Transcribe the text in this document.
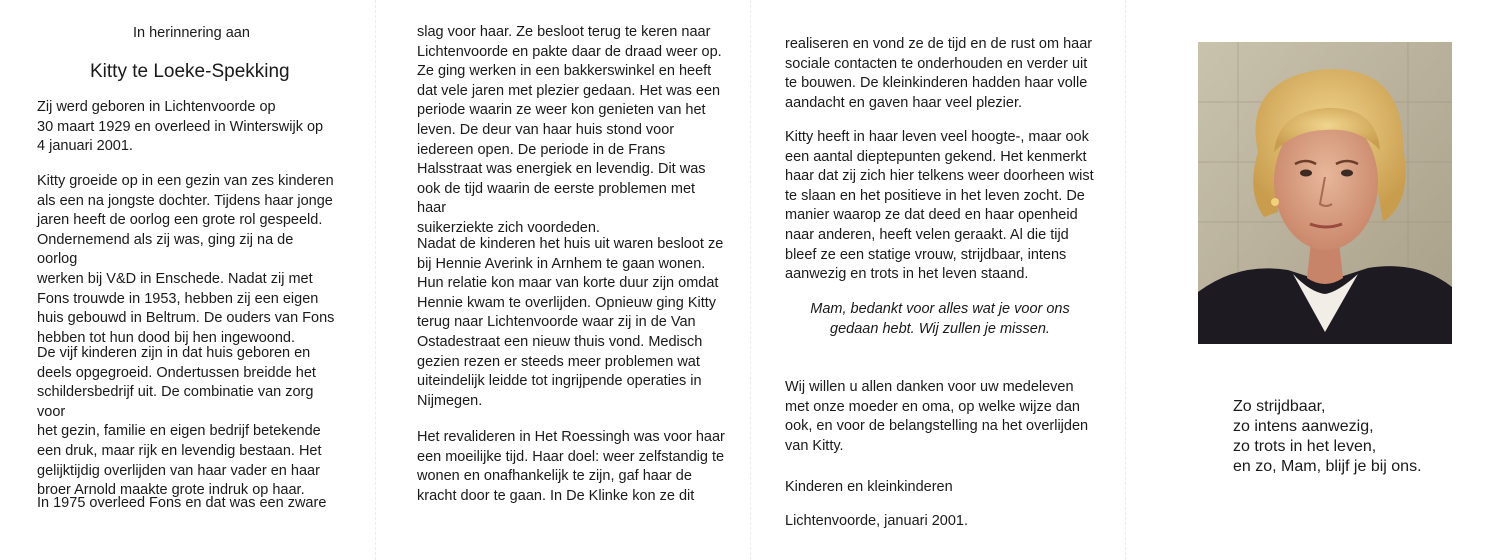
In herinnering aan
Kitty te Loeke-Spekking

Zij werd geboren in Lichtenvoorde op
30 maart 1929 en overleed in Winterswijk op
4 januari 2001.

Kitty groeide op in een gezin van zes kinderen
als een na jongste dochter. Tijdens haar jonge
jaren heeft de oorlog een grote rol gespeeld.
Ondernemend als zij was, ging zij na de oorlog
werken bij V&D in Enschede. Nadat zij met
Fons trouwde in 1953, hebben zij een eigen
huis gebouwd in Beltrum. De ouders van Fons
hebben tot hun dood bij hen ingewoond.

De vijf kinderen zijn in dat huis geboren en
deels opgegroeid. Ondertussen breidde het
schildersbedrijf uit. De combinatie van zorg voor
het gezin, familie en eigen bedrijf betekende
een druk, maar rijk en levendig bestaan. Het
gelijktijdig overlijden van haar vader en haar
broer Arnold maakte grote indruk op haar.

In 1975 overleed Fons en dat was een zware

slag voor haar. Ze besloot terug te keren naar
Lichtenvoorde en pakte daar de draad weer op.
Ze ging werken in een bakkerswinkel en heeft
dat vele jaren met plezier gedaan. Het was een
periode waarin ze weer kon genieten van het
leven. De deur van haar huis stond voor
iedereen open. De periode in de Frans
Halsstraat was energiek en levendig. Dit was
ook de tijd waarin de eerste problemen met haar
suikerziekte zich voordeden.

Nadat de kinderen het huis uit waren besloot ze
bij Hennie Averink in Arnhem te gaan wonen.
Hun relatie kon maar van korte duur zijn omdat
Hennie kwam te overlijden. Opnieuw ging Kitty
terug naar Lichtenvoorde waar zij in de Van
Ostadestraat een nieuw thuis vond. Medisch
gezien rezen er steeds meer problemen wat
uiteindelijk leidde tot ingrijpende operaties in
Nijmegen.

Het revalideren in Het Roessingh was voor haar
een moeilijke tijd. Haar doel: weer zelfstandig te
wonen en onafhankelijk te zijn, gaf haar de
kracht door te gaan. In De Klinke kon ze dit

realiseren en vond ze de tijd en de rust om haar
sociale contacten te onderhouden en verder uit
te bouwen. De kleinkinderen hadden haar volle
aandacht en gaven haar veel plezier.

Kitty heeft in haar leven veel hoogte-, maar ook
een aantal dieptepunten gekend. Het kenmerkt
haar dat zij zich hier telkens weer doorheen wist
te slaan en het positieve in het leven zocht. De
manier waarop ze dat deed en haar openheid
naar anderen, heeft velen geraakt. Al die tijd
bleef ze een statige vrouw, strijdbaar, intens
aanwezig en trots in het leven staand.

Mam, bedankt voor alles wat je voor ons
gedaan hebt. Wij zullen je missen.

Wij willen u allen danken voor uw medeleven
met onze moeder en oma, op welke wijze dan
ook, en voor de belangstelling na het overlijden
van Kitty.

Kinderen en kleinkinderen

Lichtenvoorde, januari 2001.

Zo strijdbaar,
zo intens aanwezig,
zo trots in het leven,
en zo, Mam, blijf je bij ons.
